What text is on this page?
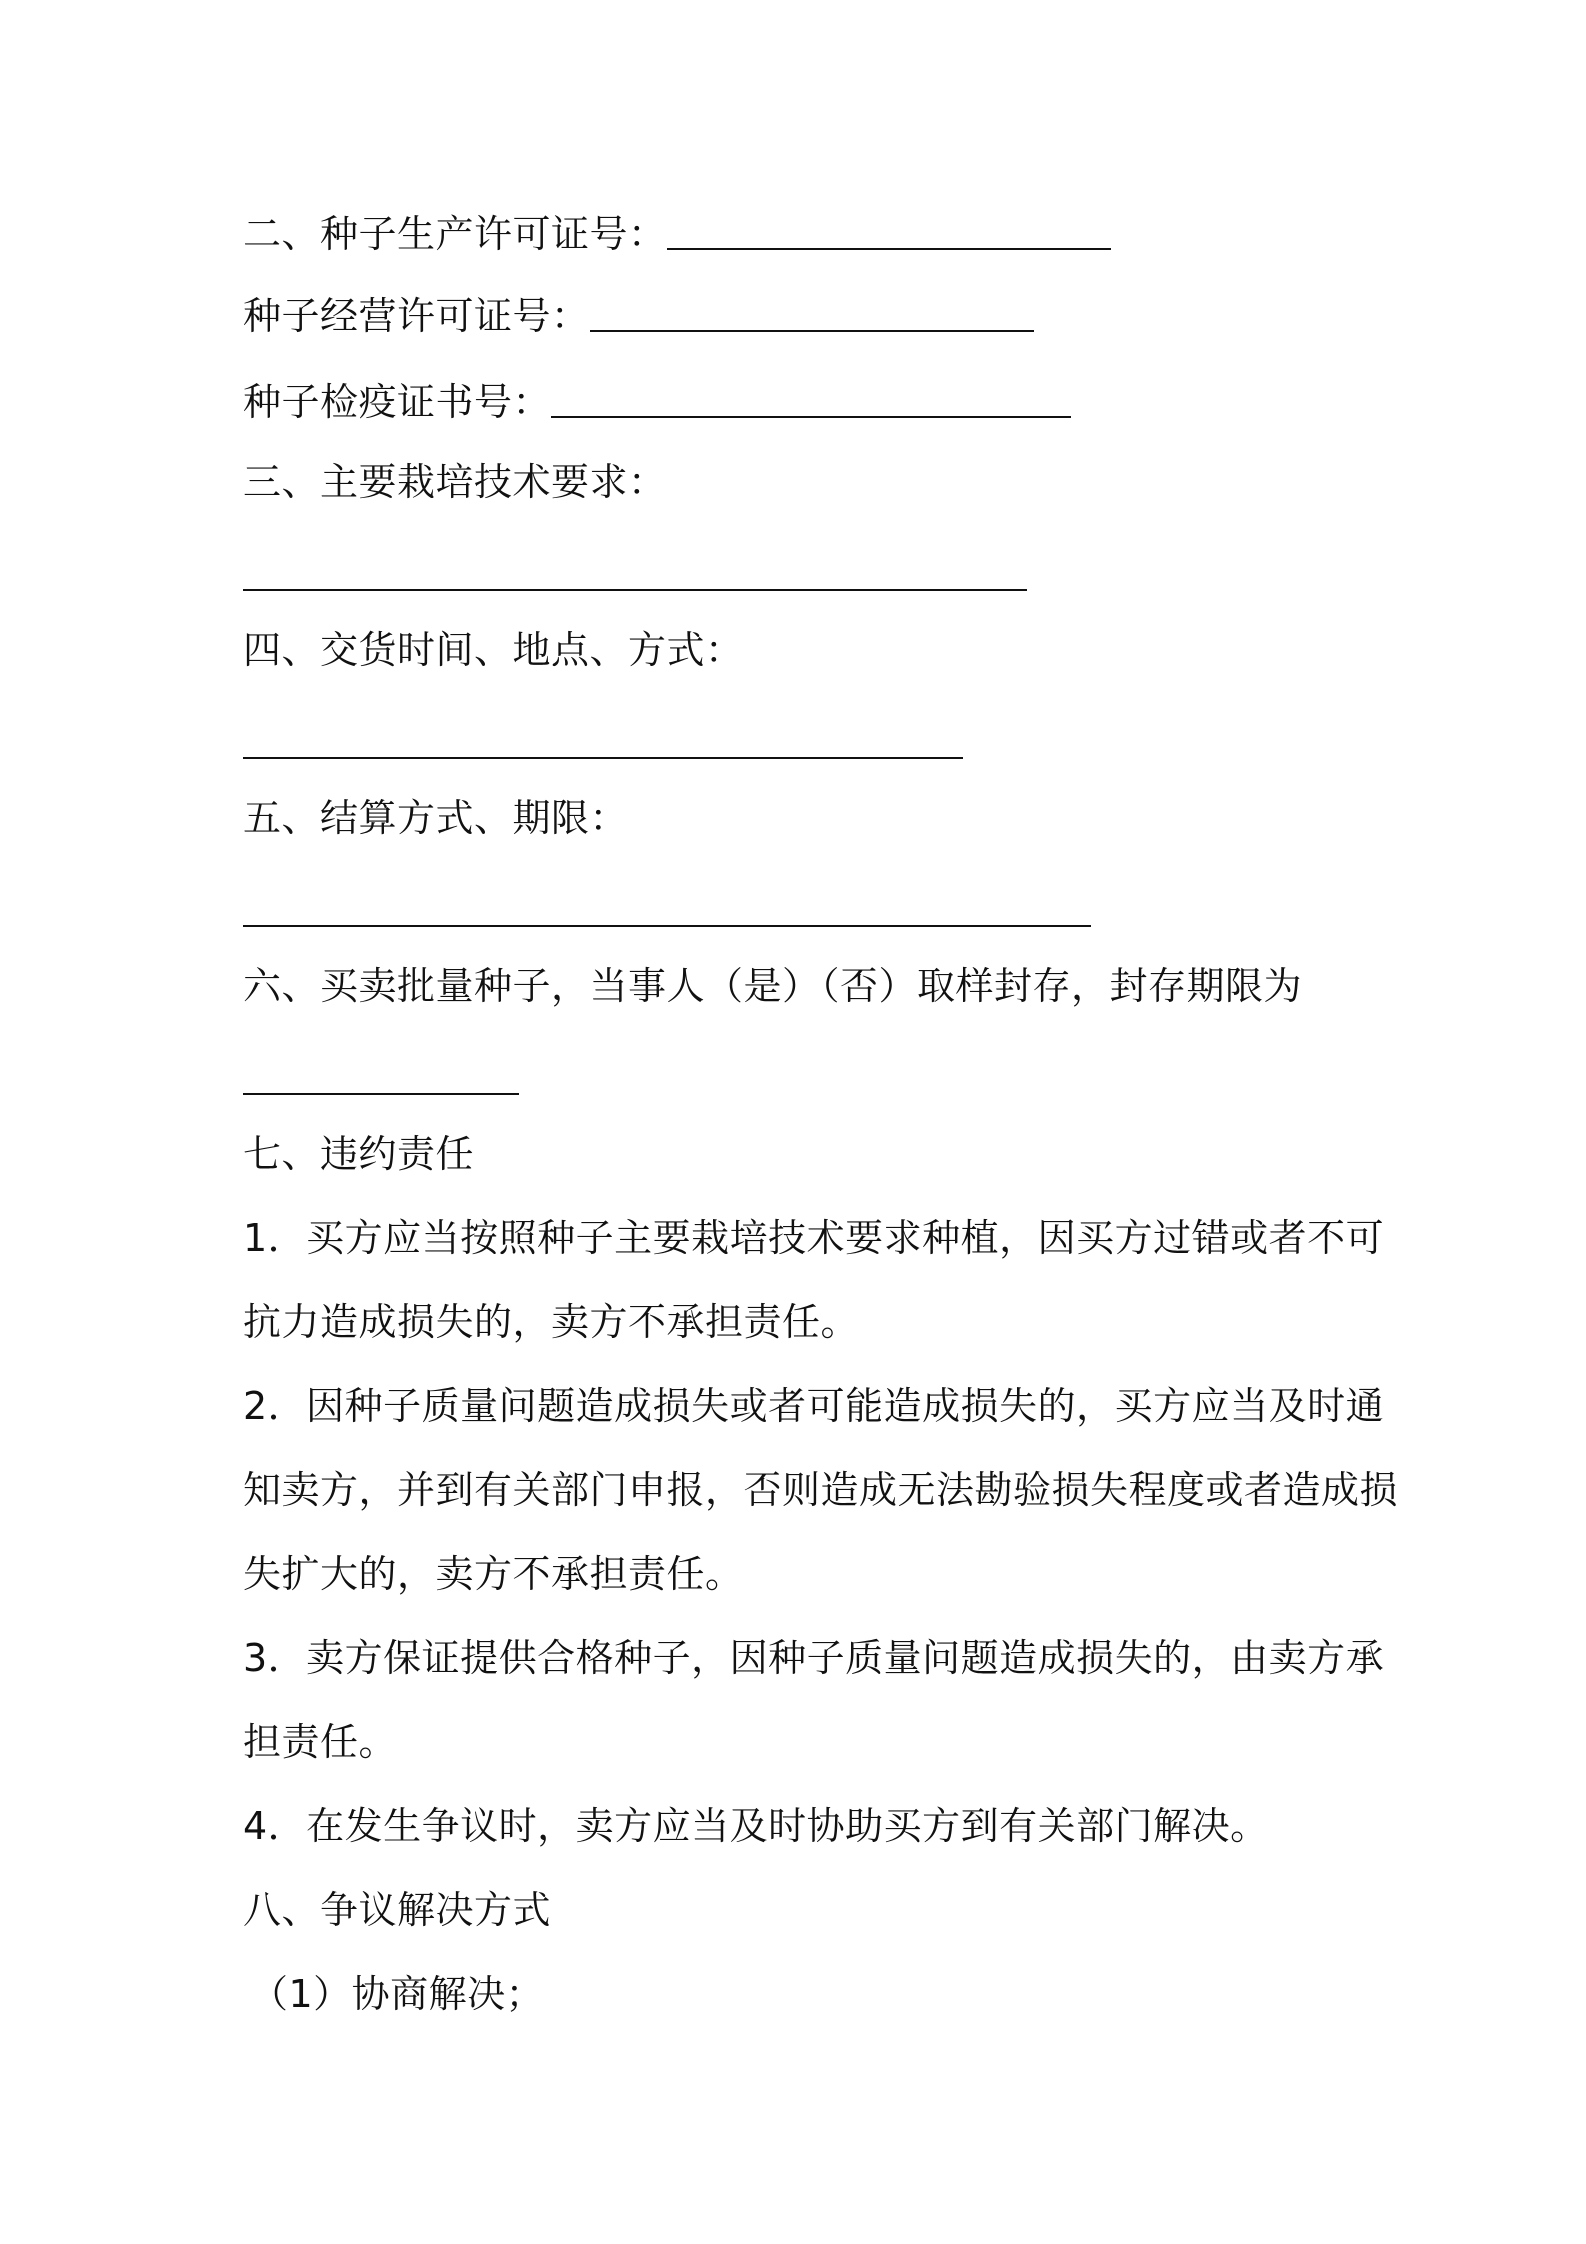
二、种子生产许可证号：
种子经营许可证号：
种子检疫证书号：
三、主要栽培技术要求：
四、交货时间、地点、方式：
五、结算方式、期限：
六、买卖批量种子，当事人（是）（否）取样封存，封存期限为
七、违约责任
1．买方应当按照种子主要栽培技术要求种植，因买方过错或者不可
抗力造成损失的，卖方不承担责任。
2．因种子质量问题造成损失或者可能造成损失的，买方应当及时通
知卖方，并到有关部门申报，否则造成无法勘验损失程度或者造成损
失扩大的，卖方不承担责任。
3．卖方保证提供合格种子，因种子质量问题造成损失的，由卖方承
担责任。
4．在发生争议时，卖方应当及时协助买方到有关部门解决。
八、争议解决方式
（1）协商解决；
